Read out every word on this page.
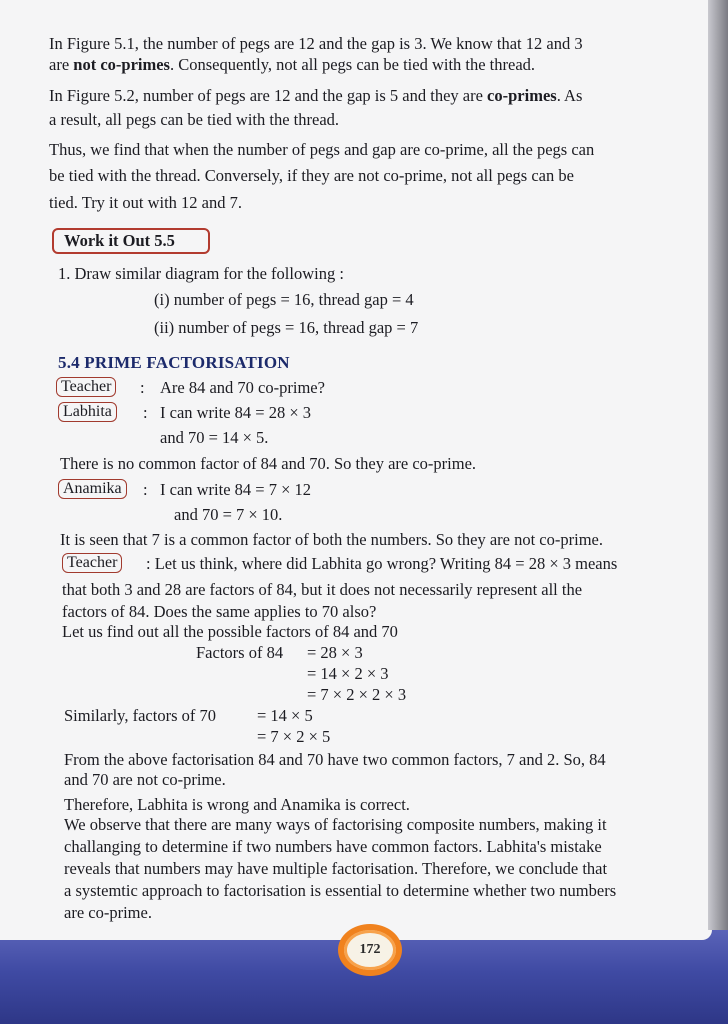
In Figure 5.1, the number of pegs are 12 and the gap is 3. We know that 12 and 3
are not co-primes. Consequently, not all pegs can be tied with the thread.
In Figure 5.2, number of pegs are 12 and the gap is 5 and they are co-primes. As
a result, all pegs can be tied with the thread.
Thus, we find that when the number of pegs and gap are co-prime, all the pegs can
be tied with the thread. Conversely, if they are not co-prime, not all pegs can be
tied. Try it out with 12 and 7.
Work it Out 5.5
1. Draw similar diagram for the following :
(i) number of pegs = 16, thread gap = 4
(ii) number of pegs = 16, thread gap = 7
5.4 PRIME FACTORISATION
Teacher	: Are 84 and 70 co-prime?
Labhita	: I can write 84 = 28 × 3
and 70 = 14 × 5.
There is no common factor of 84 and 70. So they are co-prime.
Anamika	: I can write 84 = 7 × 12
and 70 = 7 × 10.
It is seen that 7 is a common factor of both the numbers. So they are not co-prime.
Teacher	: Let us think, where did Labhita go wrong? Writing 84 = 28 × 3 means
that both 3 and 28 are factors of 84, but it does not necessarily represent all the
factors of 84. Does the same applies to 70 also?
Let us find out all the possible factors of 84 and 70
Factors of 84 = 28 × 3
= 14 × 2 × 3
= 7 × 2 × 2 × 3
Similarly, factors of 70 = 14 × 5
= 7 × 2 × 5
From the above factorisation 84 and 70 have two common factors, 7 and 2. So, 84
and 70 are not co-prime.
Therefore, Labhita is wrong and Anamika is correct.
We observe that there are many ways of factorising composite numbers, making it
challanging to determine if two numbers have common factors. Labhita's mistake
reveals that numbers may have multiple factorisation. Therefore, we conclude that
a systemtic approach to factorisation is essential to determine whether two numbers
are co-prime.
172
